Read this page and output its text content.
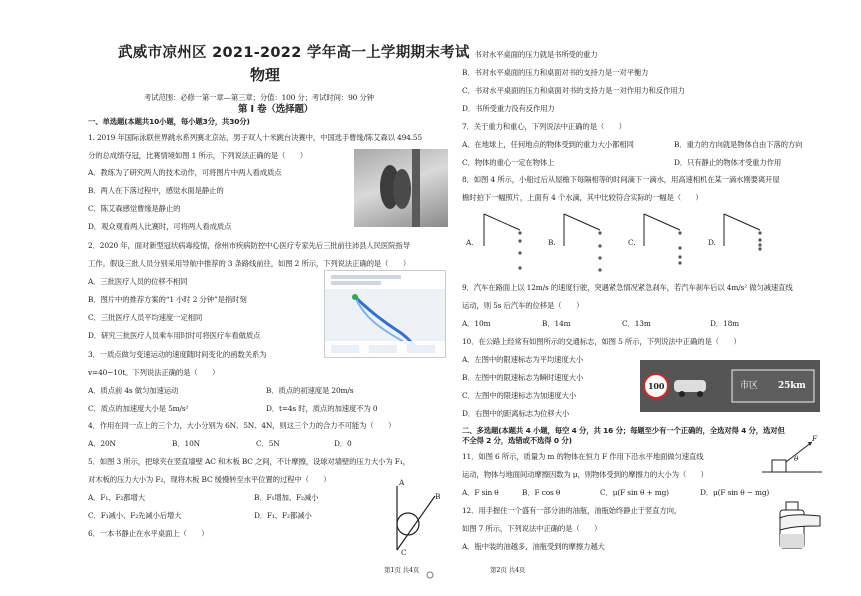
武威市凉州区 2021-2022 学年高一上学期期末考试
物理
考试范围：必修一第一章—第三章；分值：100 分；考试时间：90 分钟
第 I 卷（选择题）
一、单选题(本题共10小题，每小题3分，共30分)
1. 2019 年国际泳联世界跳水系列赛北京站，男子双人十米跳台决赛中，中国选手曹缘/陈艾森以 494.55
分的总成绩夺冠，比赛情境如图 1 所示，下列说法正确的是（　　）
A．教练为了研究两人的技术动作，可将图片中两人看成质点
B．两人在下落过程中，感觉水面是静止的
C．陈艾森感觉曹缘是静止的
D．观众观看两人比赛时，可将两人看成质点
2．2020 年，面对新型冠状病毒疫情，徐州市疾病防控中心医疗专家先后三批前往沛县人民医院指导
工作。假设三批人员分别采用导航中推荐的 3 条路线前往，如图 2 所示，下列说法正确的是（　　）
A．三批医疗人员的位移不相同
B．图片中的推荐方案的“1 小时 2 分钟”是指时刻
C．三批医疗人员平均速度一定相同
D．研究三批医疗人员乘车用时时可将医疗车看做质点
3．一质点做匀变速运动的速度随时间变化的函数关系为
v=40−10t。下列说法正确的是（　　）
A．质点前 4s 做匀加速运动	B．质点的初速度是 20m/s
C．质点的加速度大小是 5m/s²	D．t=4s 时，质点的加速度不为 0
4．作用在同一点上的三个力，大小分别为 6N、5N、4N，则这三个力的合力不可能为（　　）
A．20N	B．10N	C．5N	D．0
5．如图 3 所示，把球夹在竖直墙壁 AC 和木板 BC 之间，不计摩擦，设球对墙壁的压力大小为 F₁，
对木板的压力大小为 F₂，现将木板 BC 缓慢转至水平位置的过程中（　　）
A．F₁、F₂都增大	B．F₁增加、F₂减小
C．F₁减小、F₂先减小后增大	D．F₁、F₂都减小
A
B
C
6．一本书静止在水平桌面上（　　）
第1页 共4页
A．书对水平桌面的压力就是书所受的重力
B．书对水平桌面的压力和桌面对书的支持力是一对平衡力
C．书对水平桌面的压力和桌面对书的支持力是一对作用力和反作用力
D．书所受重力没有反作用力
7．关于重力和重心，下列说法中正确的是（　　）
A．在地球上，任何地点的物体受到的重力大小都相同	B．重力的方向就是物体自由下落的方向
C．物体的重心一定在物体上	D．只有静止的物体才受重力作用
8．如图 4 所示，小船过后从屋檐下每隔相等的时间滴下一滴水，用高速相机在某一滴水刚要离开屋
檐时拍下一幅照片，上面有 4 个水滴，其中比较符合实际的一幅是（　　）
A.	B.	C.	D.
9．汽车在路面上以 12m/s 的速度行驶，突遇紧急情况紧急刹车，若汽车刹车后以 4m/s² 做匀减速直线
运动，则 5s 后汽车的位移是（　　）
A．10m	B．14m	C．13m	D．18m
10．在公路上经常有如图所示的交通标志，如图 5 所示，下列说法中正确的是（　　）
A．左图中的限速标志为平均速度大小
B．左图中的限速标志为瞬时速度大小
C．左图中的限速标志为加速度大小
D．右图中的距离标志为位移大小
100	市区 25km
二、多选题(本题共 4 小题，每空 4 分，共 16 分；每题至少有一个正确的，全选对得 4 分，选对但
不全得 2 分，选错或不选得 0 分)
11．如图 6 所示，质量为 m 的物体在恒力 F 作用下沿水平地面做匀速直线
运动，物体与地面间动摩擦因数为 μ，则物体受到的摩擦力的大小为（　　）
A．F sin θ	B．F cos θ	C．μ(F sin θ + mg)	D．μ(F sin θ − mg)
F
θ
12．用手握住一个盛有一部分油的油瓶，油瓶始终静止于竖直方向，
如图 7 所示，下列说法中正确的是（　　）
A．瓶中装的油越多，油瓶受到的摩擦力越大
第2页 共4页
